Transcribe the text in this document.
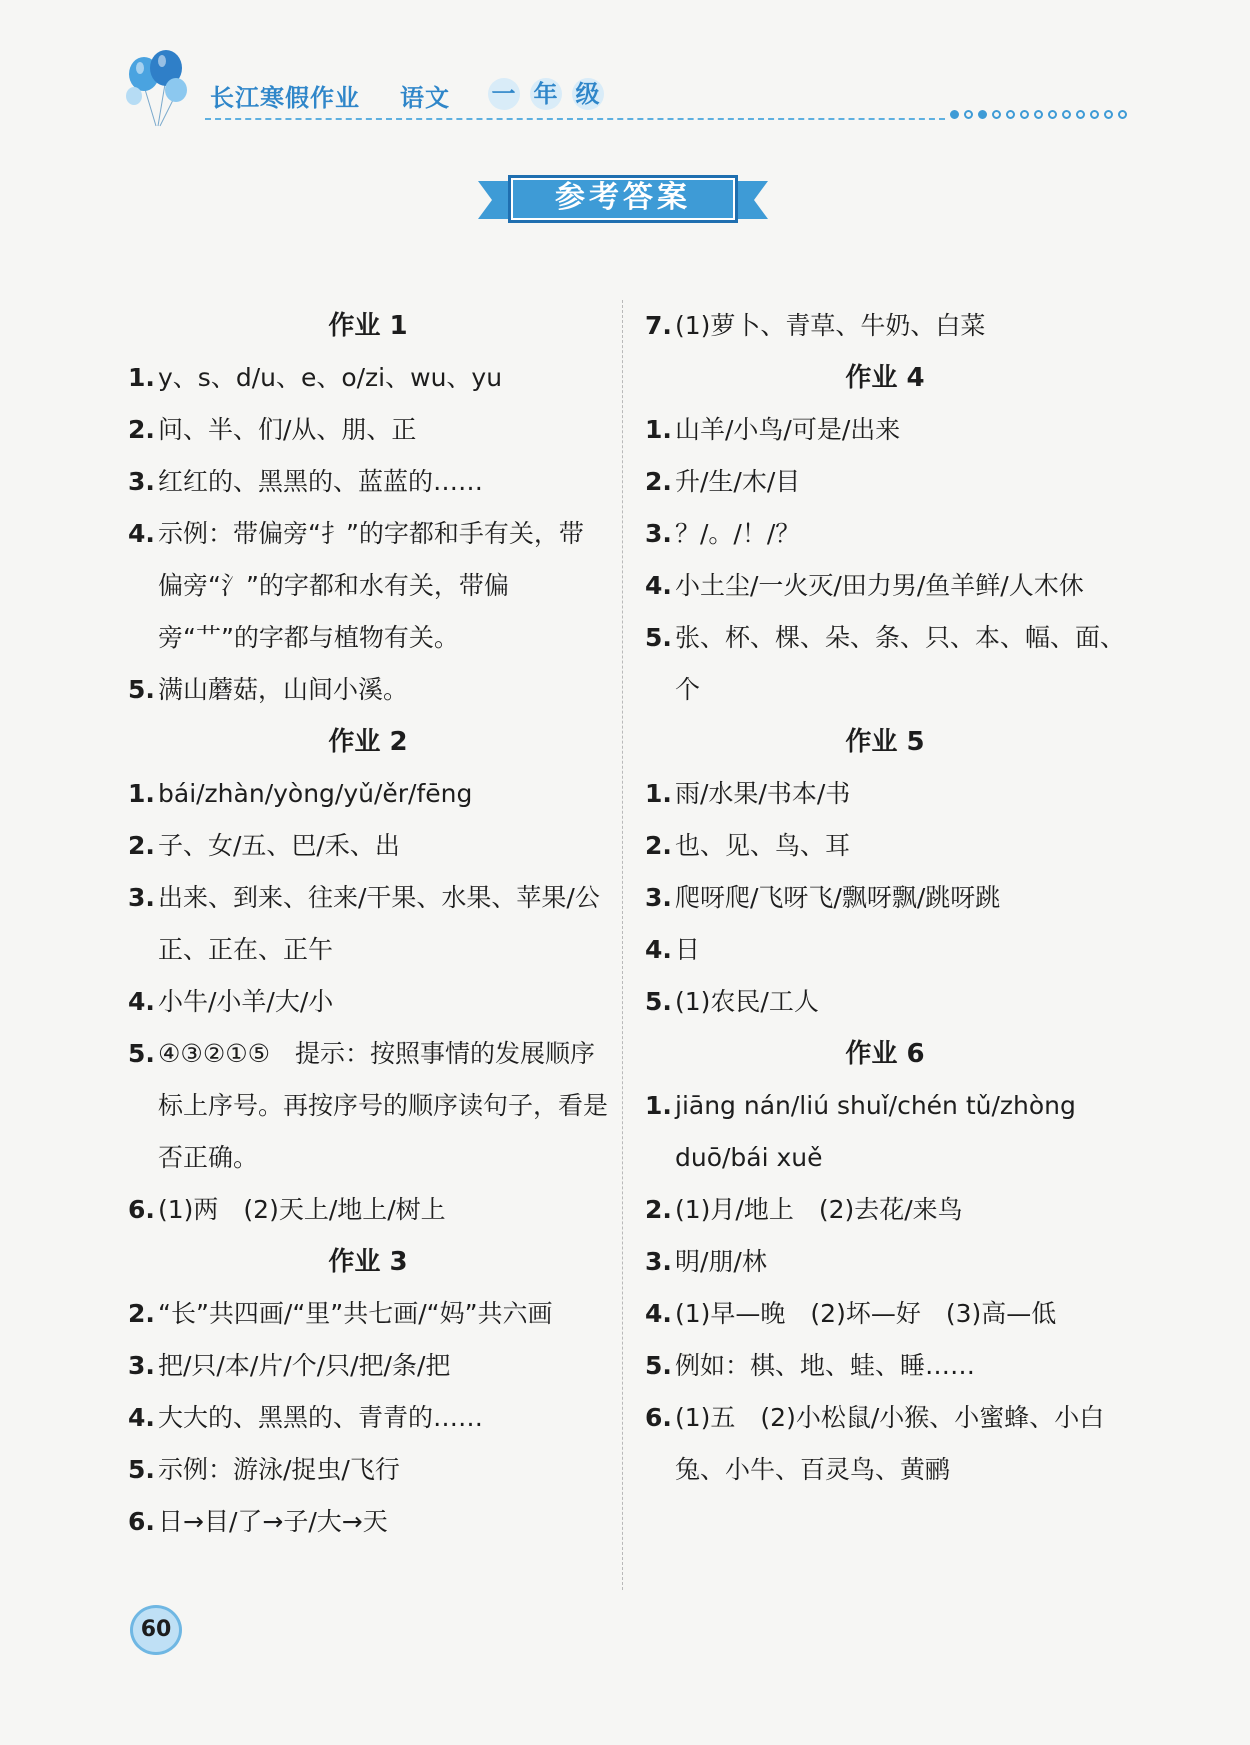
长江寒假作业 语文 一 年 级
参考答案
作业 1
1. y、s、d/u、e、o/zi、wu、yu
2. 问、半、们/从、朋、正
3. 红红的、黑黑的、蓝蓝的……
4. 示例：带偏旁“扌”的字都和手有关，带偏旁“氵”的字都和水有关，带偏旁“艹”的字都与植物有关。
5. 满山蘑菇，山间小溪。
作业 2
1. bái/zhàn/yòng/yǔ/ěr/fēng
2. 子、女/五、巴/禾、出
3. 出来、到来、往来/干果、水果、苹果/公正、正在、正午
4. 小牛/小羊/大/小
5. ④③②①⑤　提示：按照事情的发展顺序标上序号。再按序号的顺序读句子，看是否正确。
6. (1)两　(2)天上/地上/树上
作业 3
2. “长”共四画/“里”共七画/“妈”共六画
3. 把/只/本/片/个/只/把/条/把
4. 大大的、黑黑的、青青的……
5. 示例：游泳/捉虫/飞行
6. 日→目/了→子/大→天
7. (1)萝卜、青草、牛奶、白菜
作业 4
1. 山羊/小鸟/可是/出来
2. 升/生/木/目
3. ？/。/！/？
4. 小土尘/一火灭/田力男/鱼羊鲜/人木休
5. 张、杯、棵、朵、条、只、本、幅、面、个
作业 5
1. 雨/水果/书本/书
2. 也、见、鸟、耳
3. 爬呀爬/飞呀飞/飘呀飘/跳呀跳
4. 日
5. (1)农民/工人
作业 6
1. jiāng nán/liú shuǐ/chén tǔ/zhòng duō/bái xuě
2. (1)月/地上　(2)去花/来鸟
3. 明/朋/林
4. (1)早—晚　(2)坏—好　(3)高—低
5. 例如：棋、地、蛙、睡……
6. (1)五　(2)小松鼠/小猴、小蜜蜂、小白兔、小牛、百灵鸟、黄鹂
60
